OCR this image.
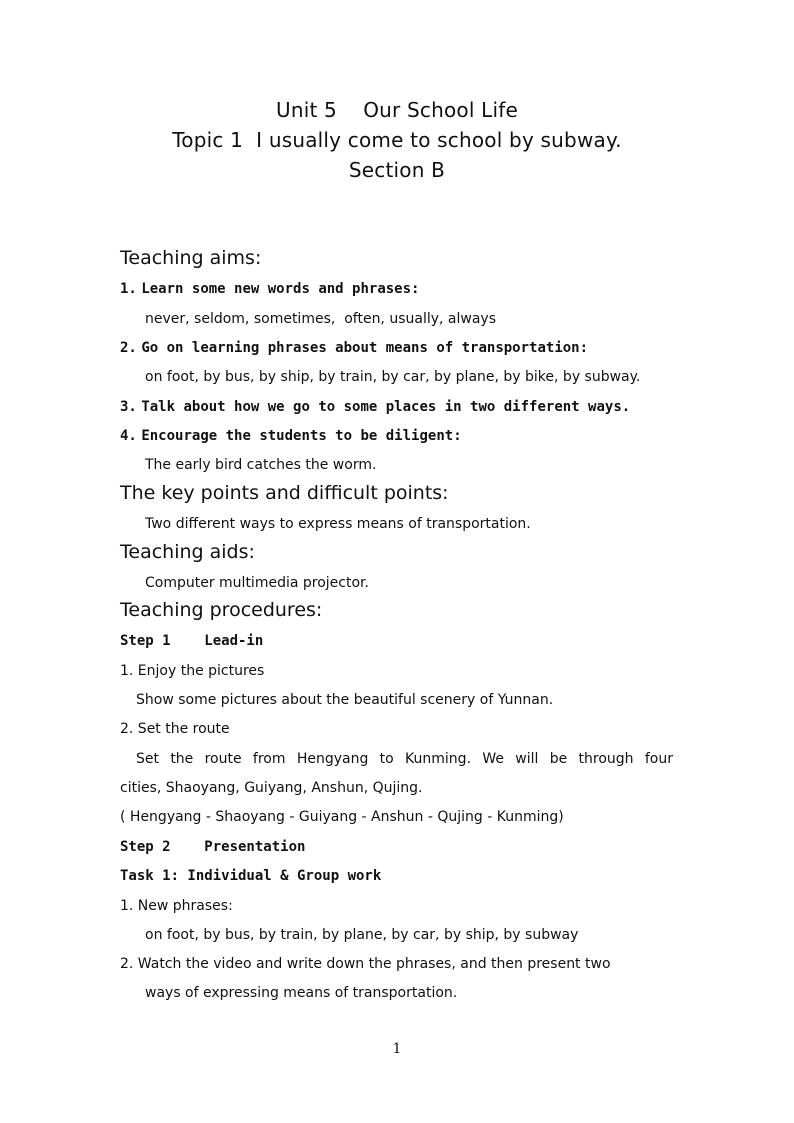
Unit 5    Our School Life
Topic 1  I usually come to school by subway.
Section B
Teaching aims:
1. Learn some new words and phrases:
never, seldom, sometimes,  often, usually, always
2. Go on learning phrases about means of transportation:
on foot, by bus, by ship, by train, by car, by plane, by bike, by subway.
3. Talk about how we go to some places in two different ways.
4. Encourage the students to be diligent:
The early bird catches the worm.
The key points and difficult points:
Two different ways to express means of transportation.
Teaching aids:
Computer multimedia projector.
Teaching procedures:
Step 1    Lead-in
1. Enjoy the pictures
Show some pictures about the beautiful scenery of Yunnan.
2. Set the route
Set the route from Hengyang to Kunming. We will be through four
cities, Shaoyang, Guiyang, Anshun, Qujing.
( Hengyang - Shaoyang - Guiyang - Anshun - Qujing - Kunming)
Step 2    Presentation
Task 1: Individual & Group work
1. New phrases:
on foot, by bus, by train, by plane, by car, by ship, by subway
2. Watch the video and write down the phrases, and then present two
ways of expressing means of transportation.
1
